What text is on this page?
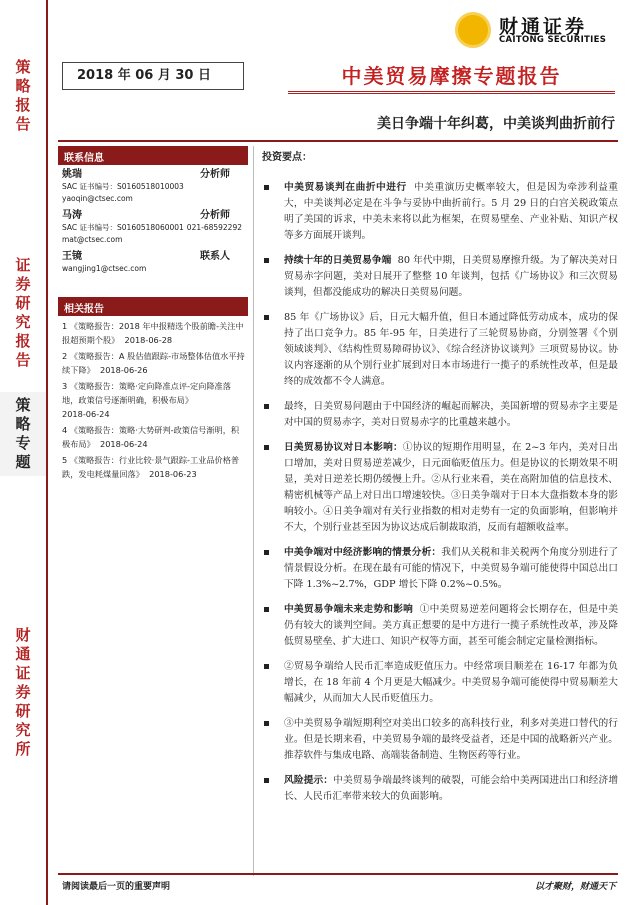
策
略
报
告
证
券
研
究
报
告
策
略
专
题
财
通
证
券
研
究
所
财通证券
CAITONG SECURITIES
2018 年 06 月 30 日	中美贸易摩擦专题报告
美日争端十年纠葛，中美谈判曲折前行
联系信息
姚瑞	分析师
SAC 证书编号：S0160518010003
yaoqin@ctsec.com
马涛	分析师
SAC 证书编号：S0160518060001 021-68592292
mat@ctsec.com
王镜	联系人
wangjing1@ctsec.com
相关报告

1 《策略报告：2018 年中报精选个股前瞻-关注中报超预期个股》 2018-06-28

2 《策略报告：A 股估值跟踪-市场整体估值水平持续下降》 2018-06-26

3 《策略报告：策略·定向降准点评-定向降准落地，政策信号逐渐明确，积极布局》
2018-06-24

4 《策略报告：策略·大势研判-政策信号渐明，积极布局》 2018-06-24

5 《策略报告：行业比较·景气跟踪-工业品价格普跌，发电耗煤量回落》 2018-06-23

投资要点：
中美贸易谈判在曲折中进行 中美重演历史概率较大，但是因为牵涉利益重大，中美谈判必定是在斗争与妥协中曲折前行。5 月 29 日的白宫关税政策点明了美国的诉求，中美未来将以此为框架，在贸易壁垒、产业补贴、知识产权等多方面展开谈判。
持续十年的日美贸易争端 80 年代中期，日美贸易摩擦升级。为了解决美对日贸易赤字问题，美对日展开了整整 10 年谈判，包括《广场协议》和三次贸易谈判，但都没能成功的解决日美贸易问题。
85 年《广场协议》后，日元大幅升值，但日本通过降低劳动成本，成功的保持了出口竞争力。85 年-95 年，日美进行了三轮贸易协商，分别签署《个别领域谈判》、《结构性贸易障碍协议》、《综合经济协议谈判》三项贸易协议。协议内容逐渐的从个别行业扩展到对日本市场进行一揽子的系统性改革，但是最终的成效都不令人满意。
最终，日美贸易问题由于中国经济的崛起而解决，美国新增的贸易赤字主要是对中国的贸易赤字，美对日贸易赤字的比重越来越小。
日美贸易协议对日本影响：①协议的短期作用明显，在 2~3 年内，美对日出口增加，美对日贸易逆差减少，日元面临贬值压力。但是协议的长期效果不明显，美对日逆差长期仍缓慢上升。②从行业来看，美在高附加值的信息技术、精密机械等产品上对日出口增速较快。③日美争端对于日本大盘指数本身的影响较小。④日美争端对有关行业指数的相对走势有一定的负面影响，但影响并不大，个别行业甚至因为协议达成后制裁取消，反而有超额收益率。
中美争端对中经济影响的情景分析：我们从关税和非关税两个角度分别进行了情景假设分析。在现在最有可能的情况下，中美贸易争端可能使得中国总出口下降 1.3%~2.7%，GDP 增长下降 0.2%~0.5%。
中美贸易争端未来走势和影响 ①中美贸易逆差问题将会长期存在，但是中美仍有较大的谈判空间。美方真正想要的是中方进行一揽子系统性改革，涉及降低贸易壁垒、扩大进口、知识产权等方面，甚至可能会制定定量检测指标。
②贸易争端给人民币汇率造成贬值压力。中经常项目顺差在 16-17 年都为负增长，在 18 年前 4 个月更是大幅减少。中美贸易争端可能使得中贸易顺差大幅减少，从而加大人民币贬值压力。
③中美贸易争端短期利空对美出口较多的高科技行业，利多对美进口替代的行业。但是长期来看，中美贸易争端的最终受益者，还是中国的战略新兴产业。推荐软件与集成电路、高端装备制造、生物医药等行业。
风险提示：中美贸易争端最终谈判的破裂，可能会给中美两国进出口和经济增长、人民币汇率带来较大的负面影响。
请阅读最后一页的重要声明	以才聚财，财通天下
